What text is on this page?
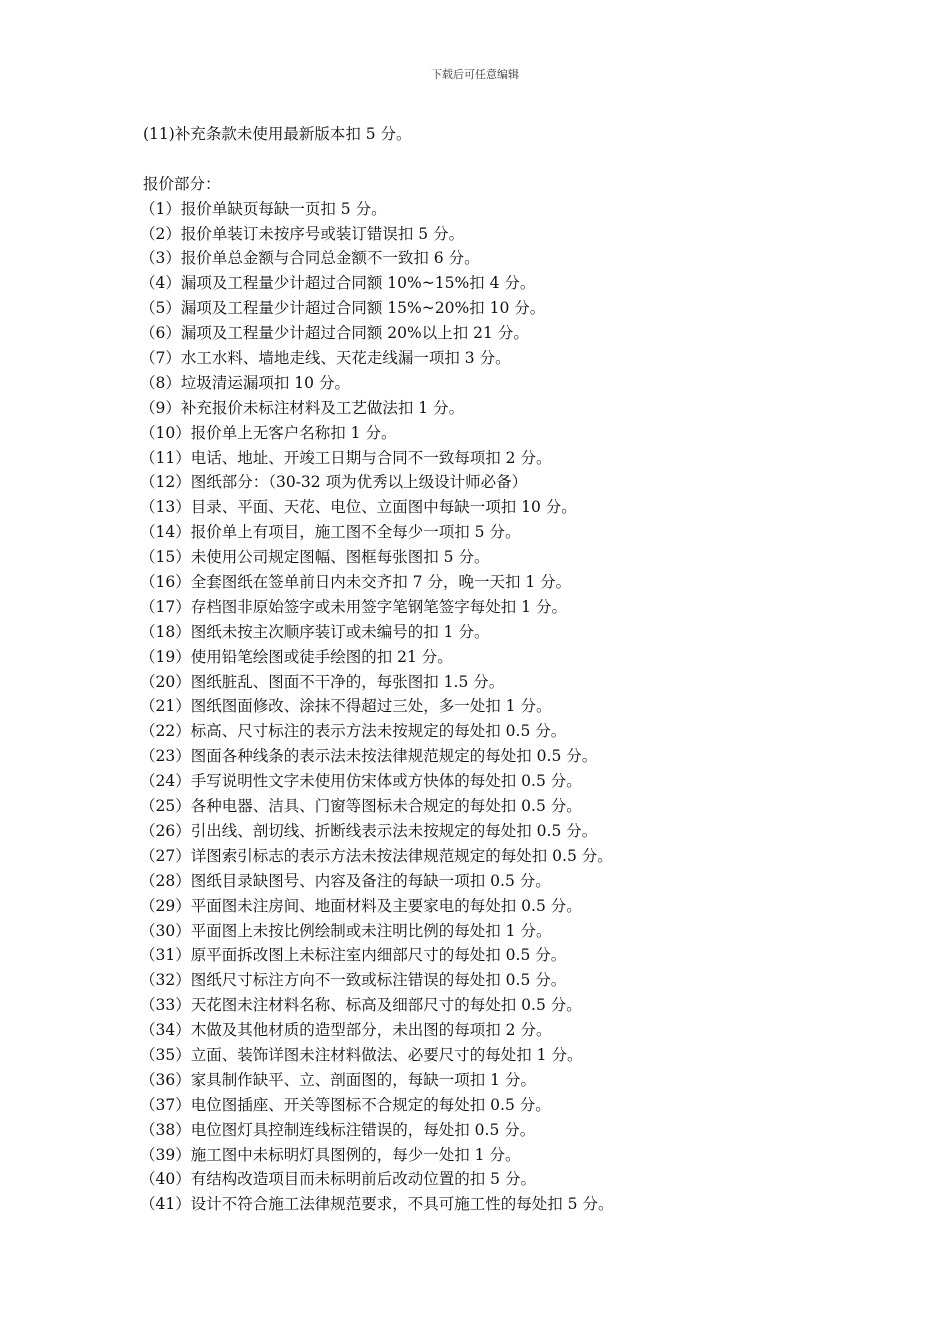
下载后可任意编辑
(11)补充条款未使用最新版本扣 5 分。
报价部分：
（1）报价单缺页每缺一页扣 5 分。
（2）报价单装订未按序号或装订错误扣 5 分。
（3）报价单总金额与合同总金额不一致扣 6 分。
（4）漏项及工程量少计超过合同额 10%~15%扣 4 分。
（5）漏项及工程量少计超过合同额 15%~20%扣 10 分。
（6）漏项及工程量少计超过合同额 20%以上扣 21 分。
（7）水工水料、墙地走线、天花走线漏一项扣 3 分。
（8）垃圾清运漏项扣 10 分。
（9）补充报价未标注材料及工艺做法扣 1 分。
（10）报价单上无客户名称扣 1 分。
（11）电话、地址、开竣工日期与合同不一致每项扣 2 分。
（12）图纸部分：（30-32 项为优秀以上级设计师必备）
（13）目录、平面、天花、电位、立面图中每缺一项扣 10 分。
（14）报价单上有项目，施工图不全每少一项扣 5 分。
（15）未使用公司规定图幅、图框每张图扣 5 分。
（16）全套图纸在签单前日内未交齐扣 7 分，晚一天扣 1 分。
（17）存档图非原始签字或未用签字笔钢笔签字每处扣 1 分。
（18）图纸未按主次顺序装订或未编号的扣 1 分。
（19）使用铅笔绘图或徒手绘图的扣 21 分。
（20）图纸脏乱、图面不干净的，每张图扣 1.5 分。
（21）图纸图面修改、涂抹不得超过三处，多一处扣 1 分。
（22）标高、尺寸标注的表示方法未按规定的每处扣 0.5 分。
（23）图面各种线条的表示法未按法律规范规定的每处扣 0.5 分。
（24）手写说明性文字未使用仿宋体或方快体的每处扣 0.5 分。
（25）各种电器、洁具、门窗等图标未合规定的每处扣 0.5 分。
（26）引出线、剖切线、折断线表示法未按规定的每处扣 0.5 分。
（27）详图索引标志的表示方法未按法律规范规定的每处扣 0.5 分。
（28）图纸目录缺图号、内容及备注的每缺一项扣 0.5 分。
（29）平面图未注房间、地面材料及主要家电的每处扣 0.5 分。
（30）平面图上未按比例绘制或未注明比例的每处扣 1 分。
（31）原平面拆改图上未标注室内细部尺寸的每处扣 0.5 分。
（32）图纸尺寸标注方向不一致或标注错误的每处扣 0.5 分。
（33）天花图未注材料名称、标高及细部尺寸的每处扣 0.5 分。
（34）木做及其他材质的造型部分，未出图的每项扣 2 分。
（35）立面、装饰详图未注材料做法、必要尺寸的每处扣 1 分。
（36）家具制作缺平、立、剖面图的，每缺一项扣 1 分。
（37）电位图插座、开关等图标不合规定的每处扣 0.5 分。
（38）电位图灯具控制连线标注错误的，每处扣 0.5 分。
（39）施工图中未标明灯具图例的，每少一处扣 1 分。
（40）有结构改造项目而未标明前后改动位置的扣 5 分。
（41）设计不符合施工法律规范要求，不具可施工性的每处扣 5 分。
